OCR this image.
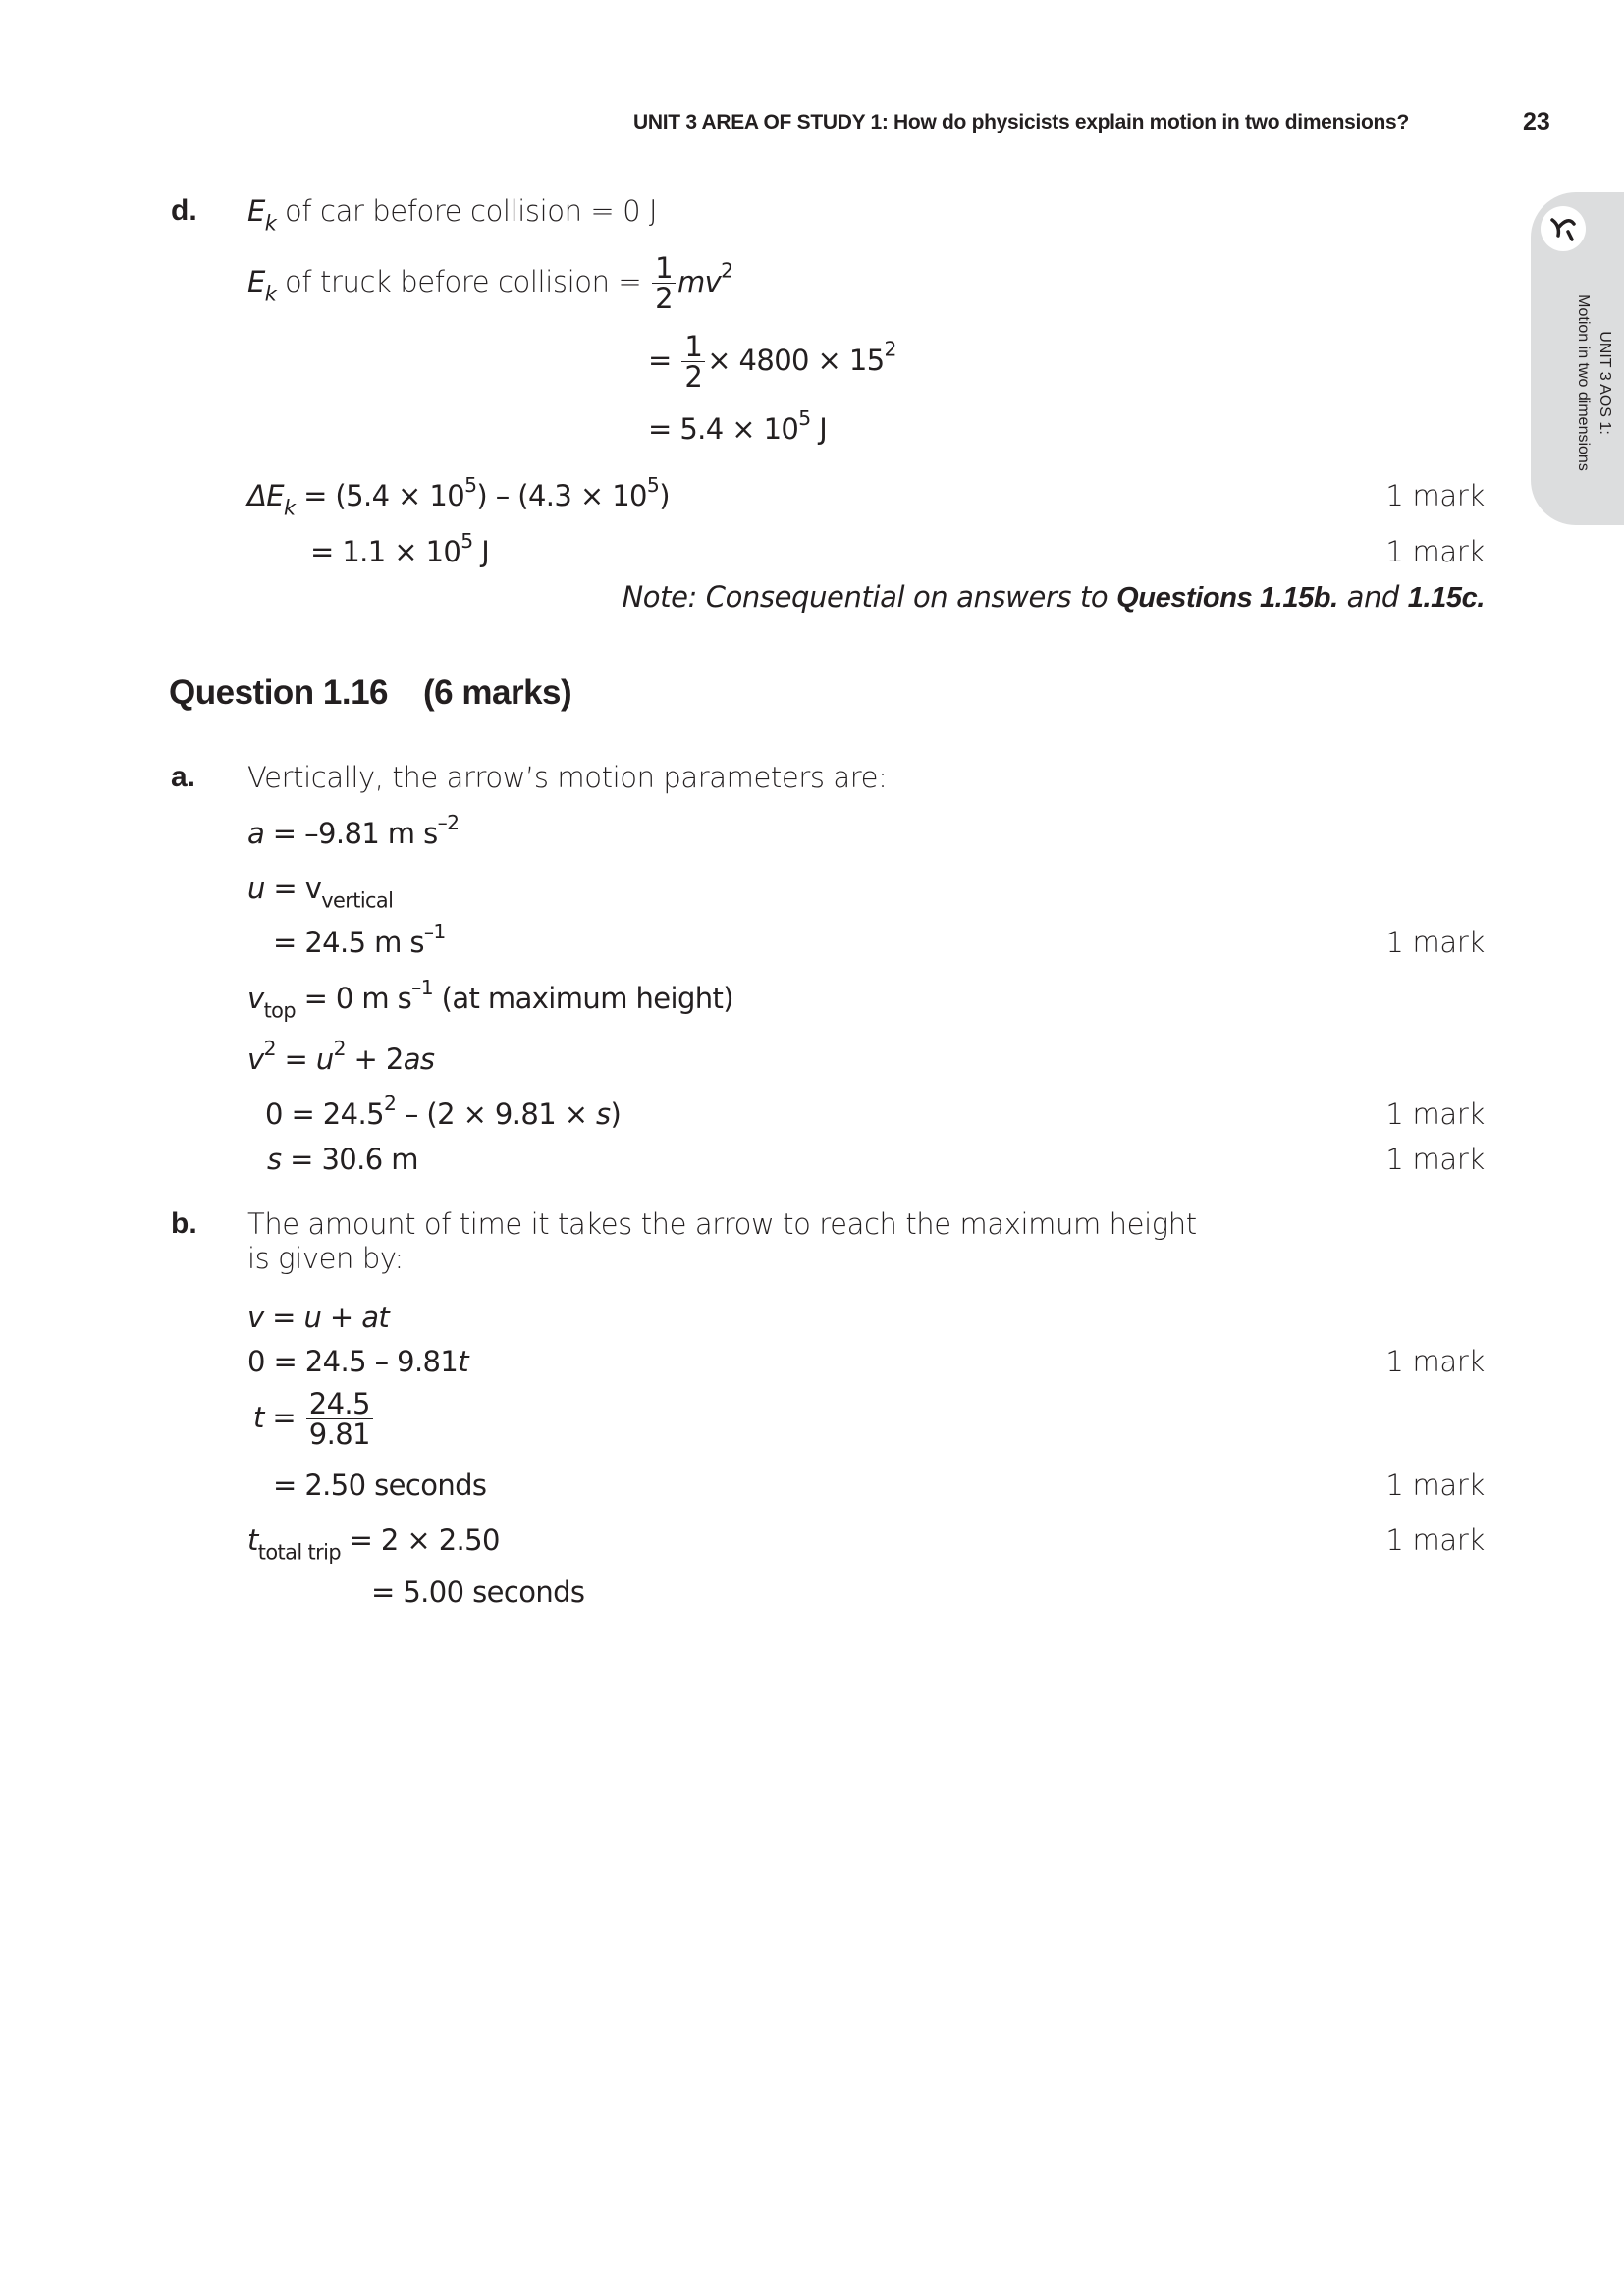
UNIT 3 AREA OF STUDY 1: How do physicists explain motion in two dimensions?	23
UNIT 3 AOS 1:
Motion in two dimensions
d. $E_k$ of car before collision = 0 J
$E_k$ of truck before collision = $\frac{1}{2} mv^2$
= $\frac{1}{2} \times 4800 \times 15^2$
= $5.4 \times 10^5$ J
$\Delta E_k = (5.4 \times 10^5) - (4.3 \times 10^5)$	1 mark
= $1.1 \times 10^5$ J	1 mark
Note: Consequential on answers to Questions 1.15b. and 1.15c.
Question 1.16 (6 marks)
a. Vertically, the arrow’s motion parameters are:
a = –9.81 m $s^{-2}$
$u = v_{vertical}$
= 24.5 m $s^{-1}$	1 mark
$v_{top} = 0$ m $s^{-1}$ (at maximum height)
$v^2 = u^2 + 2as$
$0 = 24.5^2 - (2 \times 9.81 \times s)$	1 mark
s = 30.6 m	1 mark
b. The amount of time it takes the arrow to reach the maximum height
is given by:
v = u + at
0 = 24.5 – 9.81t	1 mark
$t = \frac{24.5}{9.81}$
= 2.50 seconds	1 mark
$t_{total trip} = 2 \times 2.50$	1 mark
= 5.00 seconds
